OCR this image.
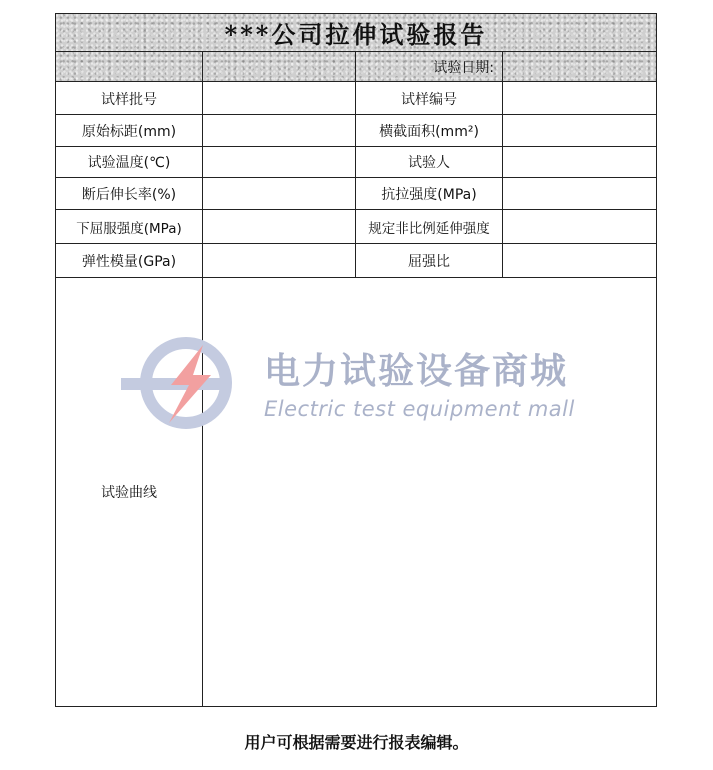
***公司拉伸试验报告
试验日期:
试样批号	试样编号
原始标距(mm)	横截面积(mm²)
试验温度(℃)	试验人
断后伸长率(%)	抗拉强度(MPa)
下屈服强度(MPa)	规定非比例延伸强度
弹性模量(GPa)	屈强比
试验曲线
电力试验设备商城
Electric test equipment mall
用户可根据需要进行报表编辑。
